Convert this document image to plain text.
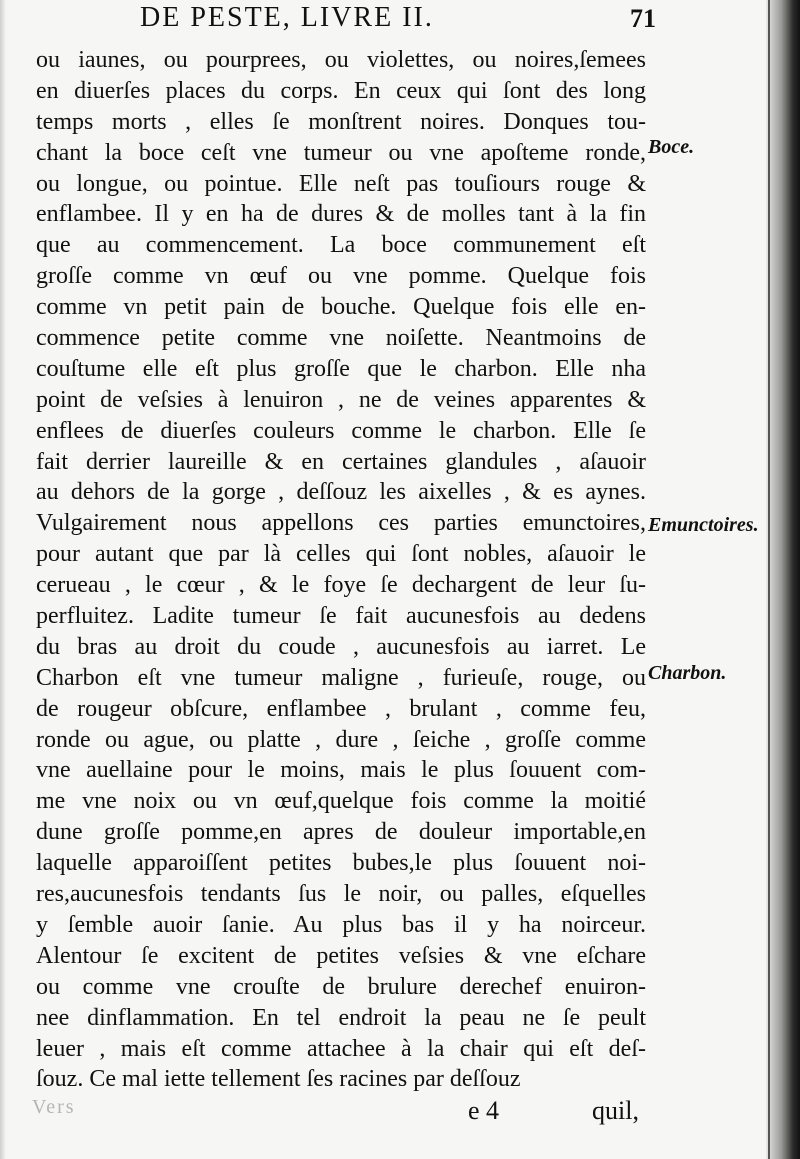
DE PESTE, LIVRE II.	71
ou iaunes, ou pourprees, ou violettes, ou noires,ſemees
en diuerſes places du corps. En ceux qui ſont des long
temps morts , elles ſe monſtrent noires. Donques tou-
chant la boce ceſt vne tumeur ou vne apoſteme ronde,
ou longue, ou pointue. Elle neſt pas touſiours rouge &
enflambee. Il y en ha de dures & de molles tant à la fin
que au commencement. La boce communement eſt
groſſe comme vn œuf ou vne pomme. Quelque fois
comme vn petit pain de bouche. Quelque fois elle en-
commence petite comme vne noiſette. Neantmoins de
couſtume elle eſt plus groſſe que le charbon. Elle nha
point de veſsies à lenuiron , ne de veines apparentes &
enflees de diuerſes couleurs comme le charbon. Elle ſe
fait derrier laureille & en certaines glandules , aſauoir
au dehors de la gorge , deſſouz les aixelles , & es aynes.
Vulgairement nous appellons ces parties emunctoires,
pour autant que par là celles qui ſont nobles, aſauoir le
cerueau , le cœur , & le foye ſe dechargent de leur ſu-
perfluitez. Ladite tumeur ſe fait aucunesfois au dedens
du bras au droit du coude , aucunesfois au iarret. Le
Charbon eſt vne tumeur maligne , furieuſe, rouge, ou
de rougeur obſcure, enflambee , brulant , comme feu,
ronde ou ague, ou platte , dure , ſeiche , groſſe comme
vne auellaine pour le moins, mais le plus ſouuent com-
me vne noix ou vn œuf,quelque fois comme la moitié
dune groſſe pomme,en apres de douleur importable,en
laquelle apparoiſſent petites bubes,le plus ſouuent noi-
res,aucunesfois tendants ſus le noir, ou palles, eſquelles
y ſemble auoir ſanie. Au plus bas il y ha noirceur.
Alentour ſe excitent de petites veſsies & vne eſchare
ou comme vne crouſte de brulure derechef enuiron-
nee dinflammation. En tel endroit la peau ne ſe peult
leuer , mais eſt comme attachee à la chair qui eſt deſ-
ſouz. Ce mal iette tellement ſes racines par deſſouz
Boce.
Emunctoires.
Charbon.
Vers	e 4	quil,
